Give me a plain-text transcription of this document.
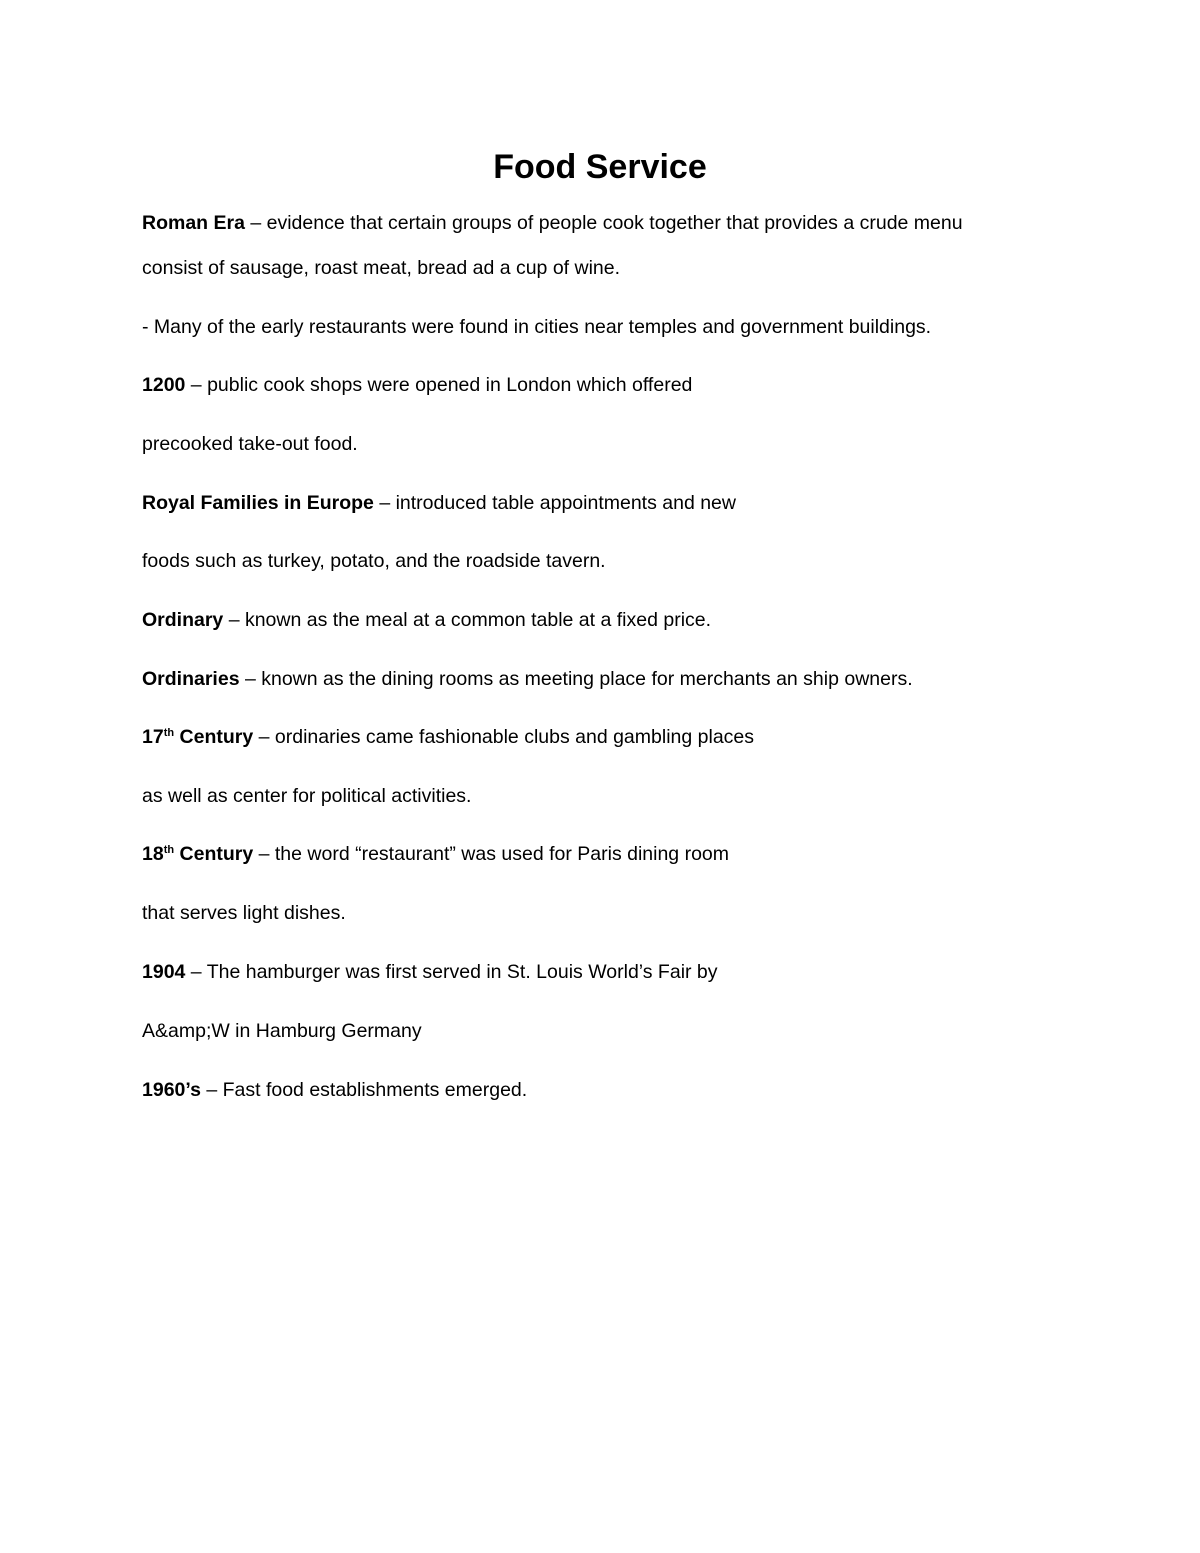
Food Service
Roman Era – evidence that certain groups of people cook together that provides a crude menu
consist of sausage, roast meat, bread ad a cup of wine.
- Many of the early restaurants were found in cities near temples and government buildings.
1200 – public cook shops were opened in London which offered
precooked take-out food.
Royal Families in Europe – introduced table appointments and new
foods such as turkey, potato, and the roadside tavern.
Ordinary – known as the meal at a common table at a fixed price.
Ordinaries – known as the dining rooms as meeting place for merchants an ship owners.
17th Century – ordinaries came fashionable clubs and gambling places
as well as center for political activities.
18th Century – the word “restaurant” was used for Paris dining room
that serves light dishes.
1904 – The hamburger was first served in St. Louis World’s Fair by
A&amp;W in Hamburg Germany
1960’s – Fast food establishments emerged.
